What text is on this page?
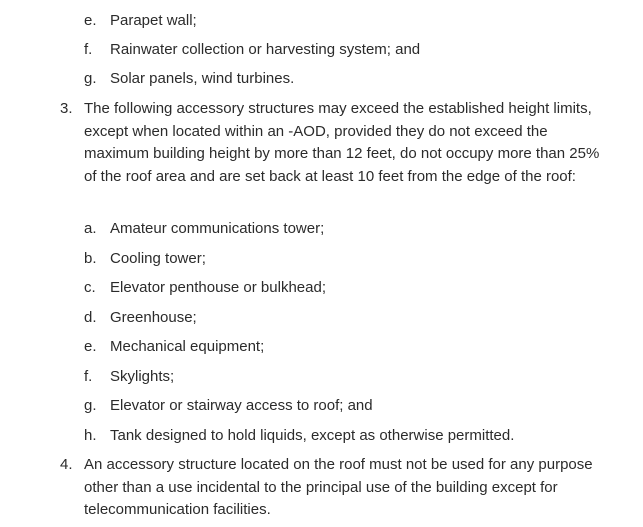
e. Parapet wall;
f.	Rainwater collection or harvesting system; and
g. Solar panels, wind turbines.
3. The following accessory structures may exceed the established height limits, except when located within an -AOD, provided they do not exceed the maximum building height by more than 12 feet, do not occupy more than 25% of the roof area and are set back at least 10 feet from the edge of the roof:
a. Amateur communications tower;
b. Cooling tower;
c. Elevator penthouse or bulkhead;
d. Greenhouse;
e. Mechanical equipment;
f.	Skylights;
g. Elevator or stairway access to roof; and
h. Tank designed to hold liquids, except as otherwise permitted.
4. An accessory structure located on the roof must not be used for any purpose other than a use incidental to the principal use of the building except for telecommunication facilities.
